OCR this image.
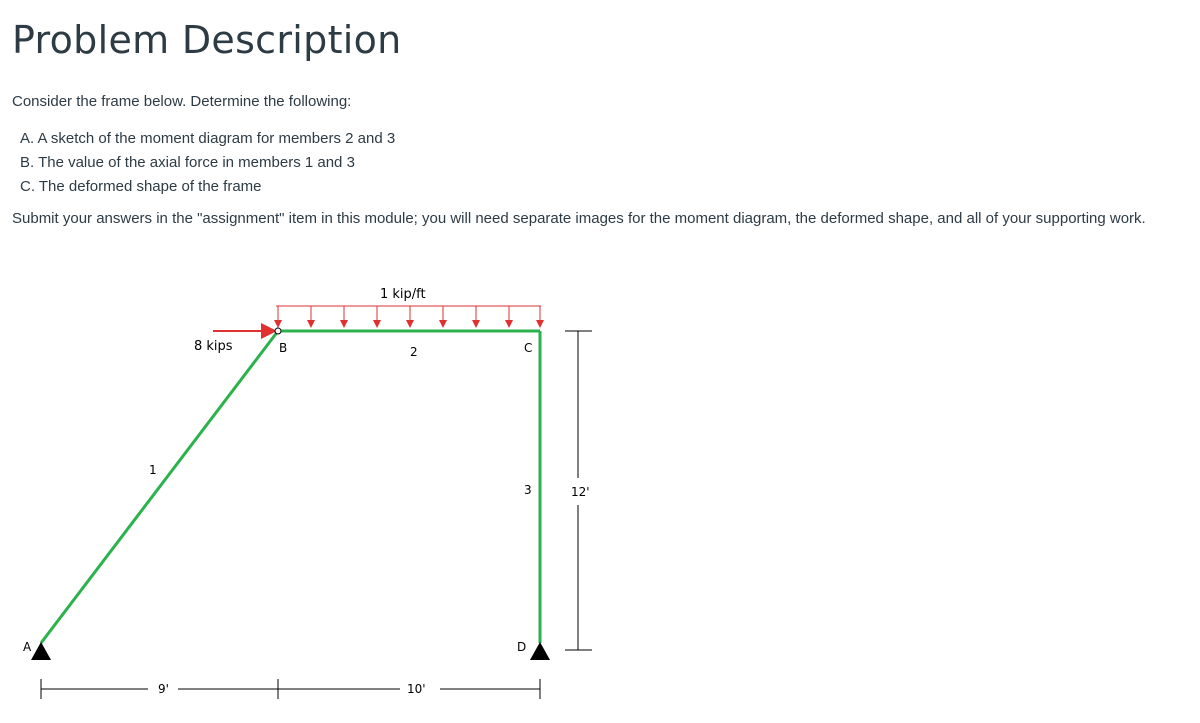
Problem Description
Consider the frame below. Determine the following:
A. A sketch of the moment diagram for members 2 and 3
B. The value of the axial force in members 1 and 3
C. The deformed shape of the frame
Submit your answers in the "assignment" item in this module; you will need separate images for the moment diagram, the deformed shape, and all of your supporting work.
1 kip/ft
8 kips
A
B	C
D
1
2
3
9'	10'
12'
